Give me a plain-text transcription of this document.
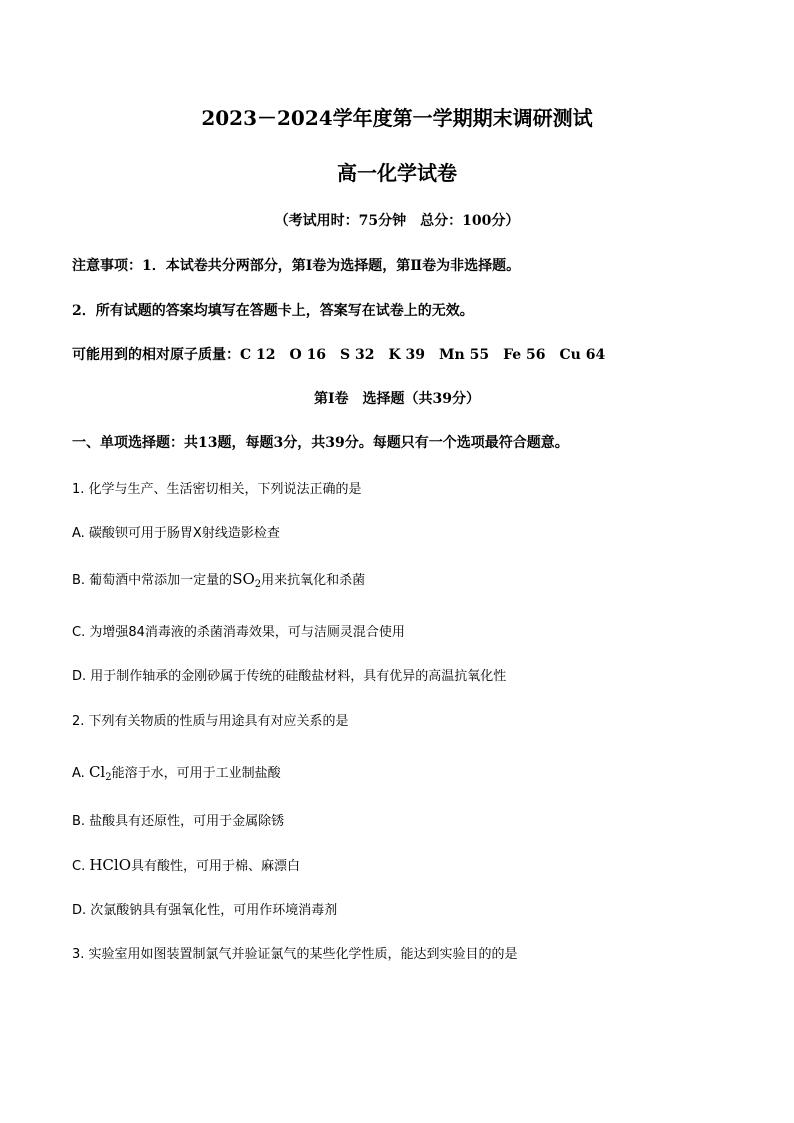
2023－2024学年度第一学期期末调研测试
高一化学试卷
（考试用时：75分钟　总分：100分）
注意事项：1．本试卷共分两部分，第Ⅰ卷为选择题，第Ⅱ卷为非选择题。
2．所有试题的答案均填写在答题卡上，答案写在试卷上的无效。
可能用到的相对原子质量：C 12　O 16　S 32　K 39　Mn 55　Fe 56　Cu 64
第Ⅰ卷　选择题（共39分）
一、单项选择题：共13题，每题3分，共39分。每题只有一个选项最符合题意。
1. 化学与生产、生活密切相关，下列说法正确的是
A. 碳酸钡可用于肠胃X射线造影检查
B. 葡萄酒中常添加一定量的$SO_2$用来抗氧化和杀菌
C. 为增强84消毒液的杀菌消毒效果，可与洁厕灵混合使用
D. 用于制作轴承的金刚砂属于传统的硅酸盐材料，具有优异的高温抗氧化性
2. 下列有关物质的性质与用途具有对应关系的是
A. $Cl_2$能溶于水，可用于工业制盐酸
B. 盐酸具有还原性，可用于金属除锈
C. HClO具有酸性，可用于棉、麻漂白
D. 次氯酸钠具有强氧化性，可用作环境消毒剂
3. 实验室用如图装置制氯气并验证氯气的某些化学性质，能达到实验目的的是
